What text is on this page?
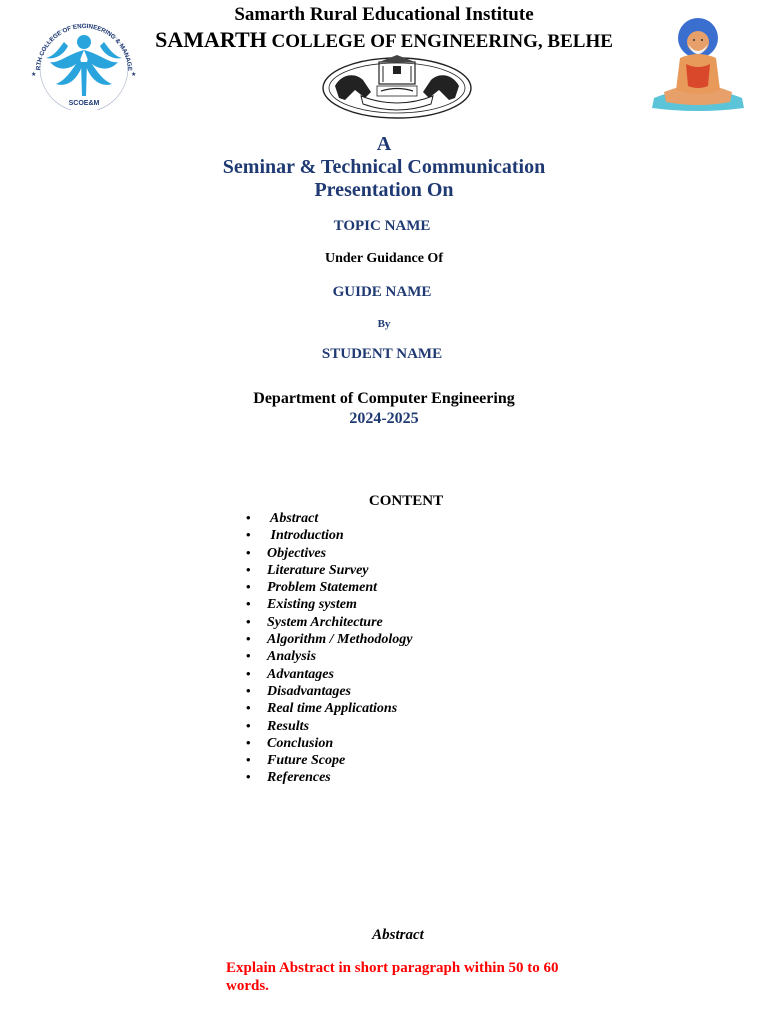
RTH COLLEGE OF ENGINEERING & MANAGE
★	★
SCOE&M
Samarth Rural Educational Institute
SAMARTH COLLEGE OF ENGINEERING, BELHE
A
Seminar & Technical Communication
Presentation On
TOPIC NAME
Under Guidance Of
GUIDE NAME
By
STUDENT NAME
Department of Computer Engineering
2024-2025
CONTENT
• Abstract
• Introduction
• Objectives
• Literature Survey
• Problem Statement
• Existing system
• System Architecture
• Algorithm / Methodology
• Analysis
• Advantages
• Disadvantages
• Real time Applications
• Results
• Conclusion
• Future Scope
• References
Abstract
Explain Abstract in short paragraph within 50 to 60 words.
